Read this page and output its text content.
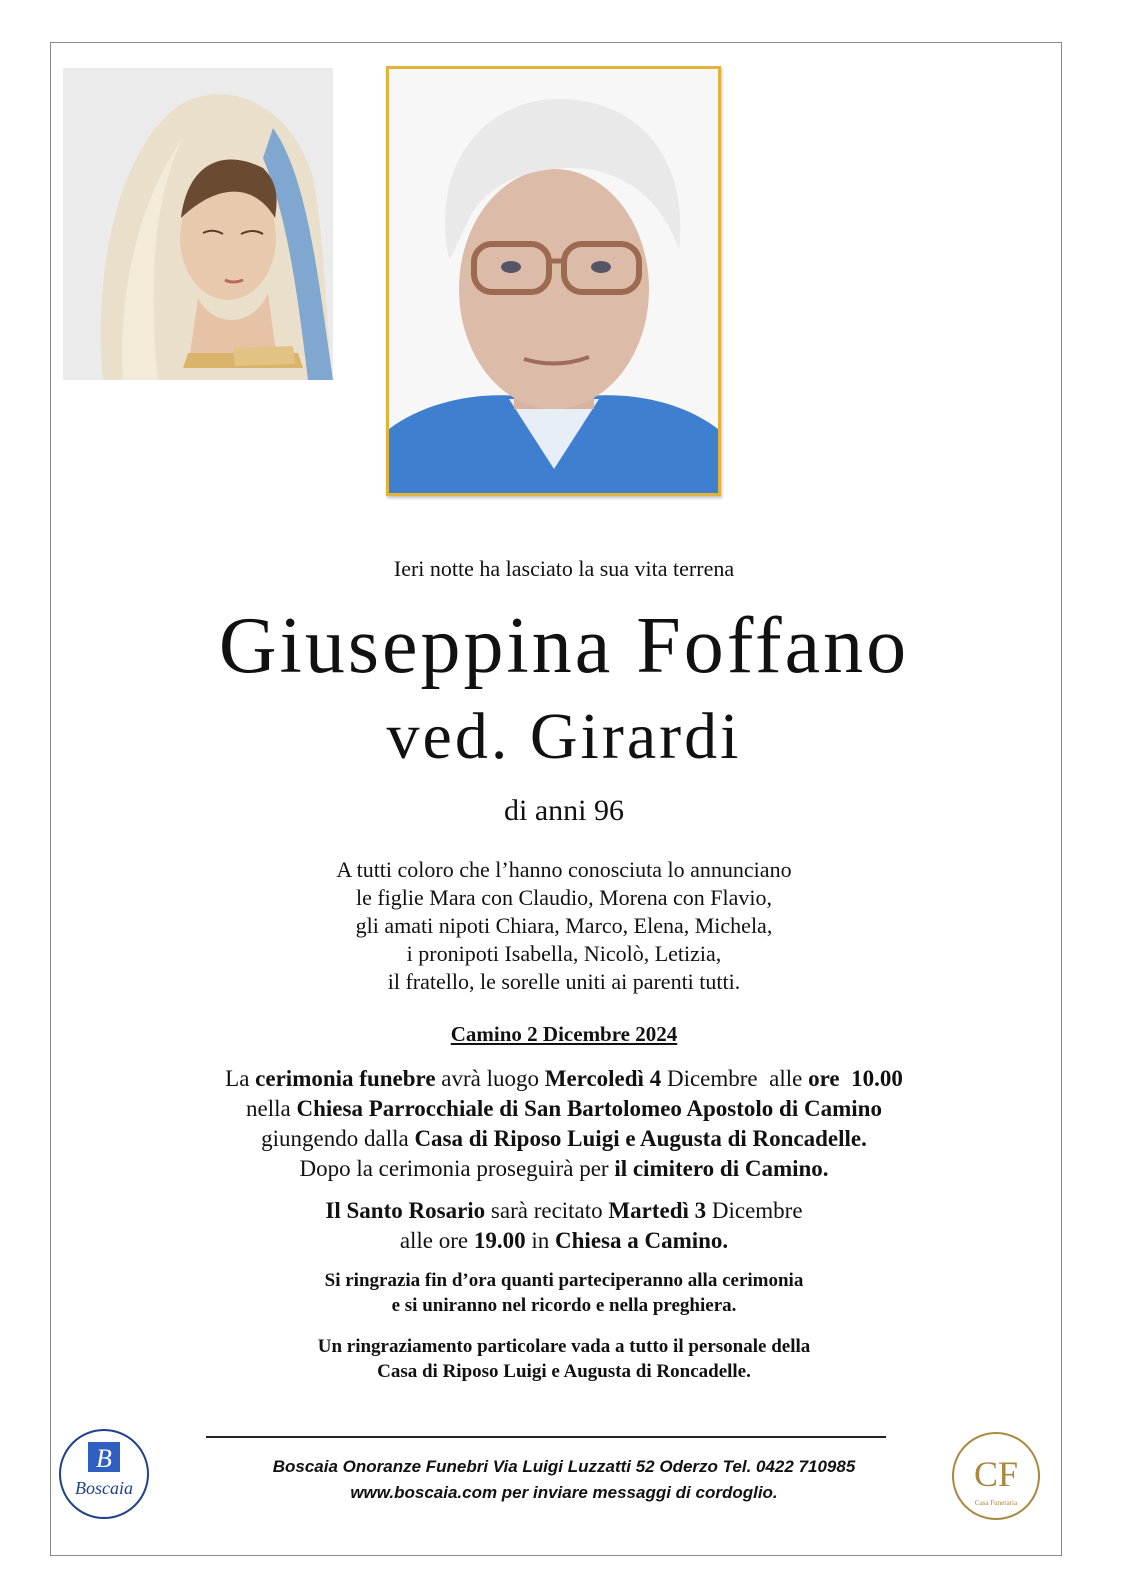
Ieri notte ha lasciato la sua vita terrena
Giuseppina Foffano
ved. Girardi
di anni 96
A tutti coloro che l’hanno conosciuta lo annunciano
le figlie Mara con Claudio, Morena con Flavio,
gli amati nipoti Chiara, Marco, Elena, Michela,
i pronipoti Isabella, Nicolò, Letizia,
il fratello, le sorelle uniti ai parenti tutti.
Camino 2 Dicembre 2024
La cerimonia funebre avrà luogo Mercoledì 4 Dicembre  alle ore  10.00
nella Chiesa Parrocchiale di San Bartolomeo Apostolo di Camino
giungendo dalla Casa di Riposo Luigi e Augusta di Roncadelle.
Dopo la cerimonia proseguirà per il cimitero di Camino.
Il Santo Rosario sarà recitato Martedì 3 Dicembre
alle ore 19.00 in Chiesa a Camino.
Si ringrazia fin d’ora quanti parteciperanno alla cerimonia
e si uniranno nel ricordo e nella preghiera.
Un ringraziamento particolare vada a tutto il personale della
Casa di Riposo Luigi e Augusta di Roncadelle.
B
Boscaia
Boscaia Onoranze Funebri Via Luigi Luzzatti 52 Oderzo Tel. 0422 710985
www.boscaia.com per inviare messaggi di cordoglio.	CF
Casa Funeraria
